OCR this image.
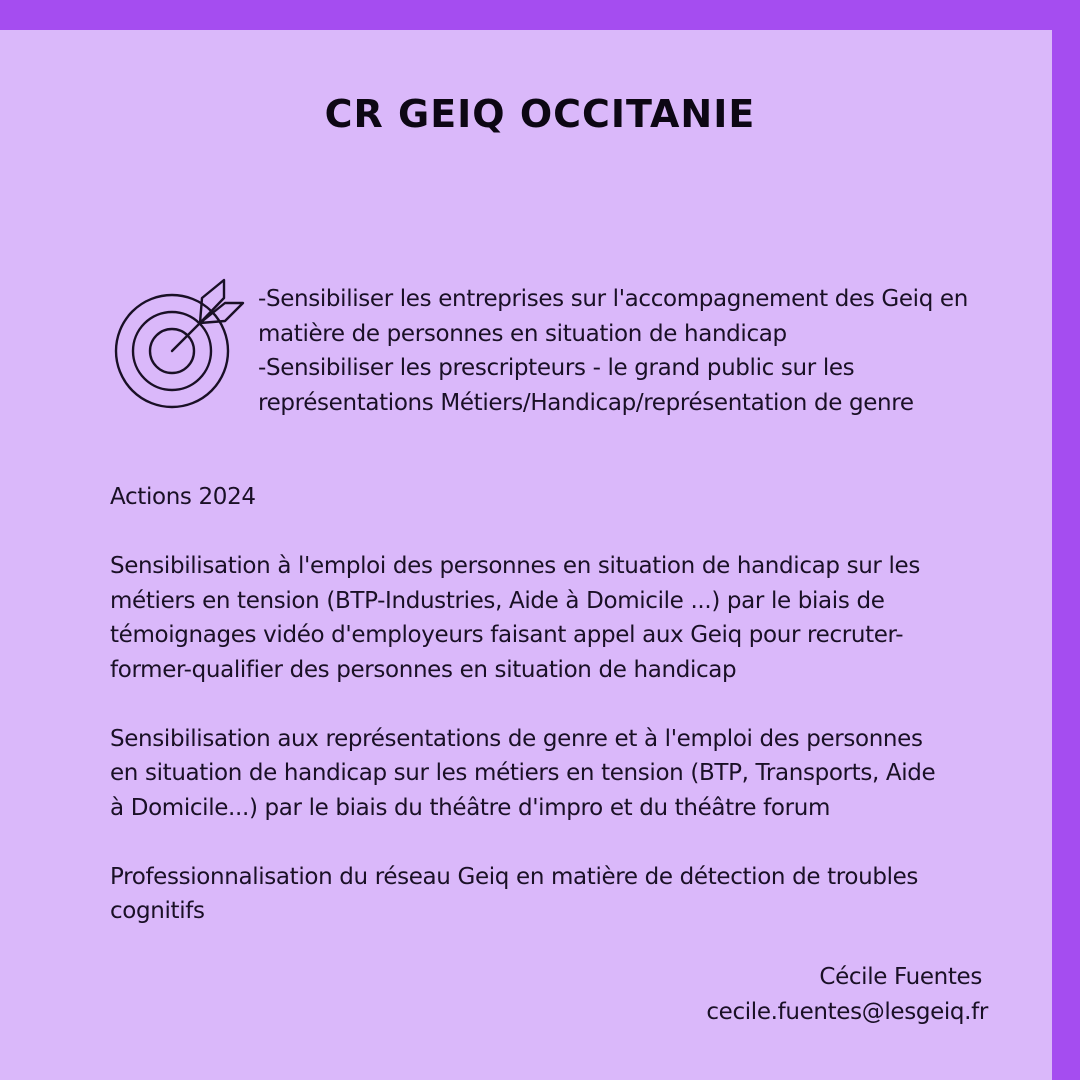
CR GEIQ OCCITANIE

-Sensibiliser les entreprises sur l'accompagnement des Geiq en

matière de personnes en situation de handicap

-Sensibiliser les prescripteurs - le grand public sur les

représentations Métiers/Handicap/représentation de genre

Actions 2024

Sensibilisation à l'emploi des personnes en situation de handicap sur les
métiers en tension (BTP-Industries, Aide à Domicile ...) par le biais de
témoignages vidéo d'employeurs faisant appel aux Geiq pour recruter-
former-qualifier des personnes en situation de handicap

Sensibilisation aux représentations de genre et à l'emploi des personnes
en situation de handicap sur les métiers en tension (BTP, Transports, Aide
à Domicile...) par le biais du théâtre d'impro et du théâtre forum

Professionnalisation du réseau Geiq en matière de détection de troubles
cognitifs

Cécile Fuentes

cecile.fuentes@lesgeiq.fr
